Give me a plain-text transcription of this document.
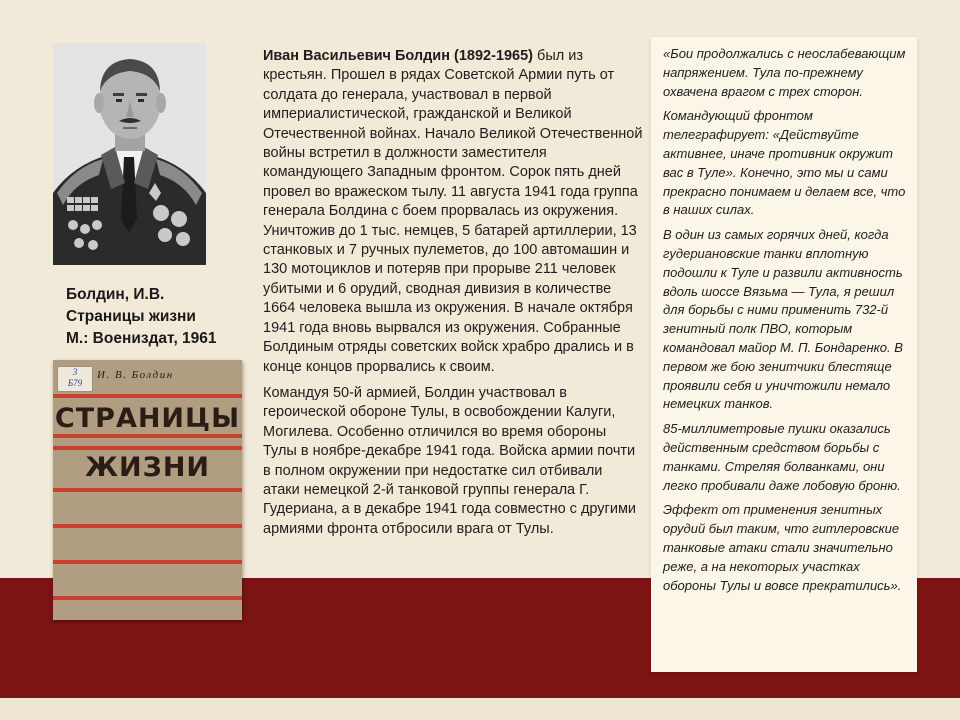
Болдин, И.В.
Страницы жизни
М.: Воениздат, 1961
3
Б79
И. В. Болдин
СТРАНИЦЫ
ЖИЗНИ

Иван Васильевич Болдин (1892-1965) был из крестьян. Прошел в рядах Советской Армии путь от солдата до генерала, участвовал в первой империалистической, гражданской и Великой Отечественной войнах. Начало Великой Отечественной войны встретил в должности заместителя командующего Западным фронтом. Сорок пять дней провел во вражеском тылу. 11 августа 1941 года группа генерала Болдина с боем прорвалась из окружения. Уничтожив до 1 тыс. немцев, 5 батарей артиллерии, 13 станковых и 7 ручных пулеметов, до 100 автомашин и 130 мотоциклов и потеряв при прорыве 211 человек убитыми и 6 орудий, сводная дивизия в количестве 1664 человека вышла из окружения. В начале октября 1941 года вновь вырвался из окружения. Собранные Болдиным отряды советских войск храбро дрались и в конце концов прорвались к своим.

Командуя 50-й армией, Болдин участвовал в героической обороне Тулы, в освобождении Калуги, Могилева. Особенно отличился во время обороны Тулы в ноябре-декабре 1941 года. Войска армии почти в полном окружении при недостатке сил отбивали атаки немецкой 2-й танковой группы генерала Г. Гудериана, а в декабре 1941 года совместно с другими армиями фронта отбросили врага от Тулы.

«Бои продолжались с неослабевающим напряжением. Тула по-прежнему охвачена врагом с трех сторон.

Командующий фронтом телеграфирует: «Действуйте активнее, иначе противник окружит вас в Туле». Конечно, это мы и сами прекрасно понимаем и делаем все, что в наших силах.

В один из самых горячих дней, когда гудериановские танки вплотную подошли к Туле и развили активность вдоль шоссе Вязьма — Тула, я решил для борьбы с ними применить 732-й зенитный полк ПВО, которым командовал майор М. П. Бондаренко. В первом же бою зенитчики блестяще проявили себя и уничтожили немало немецких танков.

85-миллиметровые пушки оказались действенным средством борьбы с танками. Стреляя болванками, они легко пробивали даже лобовую броню.

Эффект от применения зенитных орудий был таким, что гитлеровские танковые атаки стали значительно реже, а на некоторых участках обороны Тулы и вовсе прекратились».
